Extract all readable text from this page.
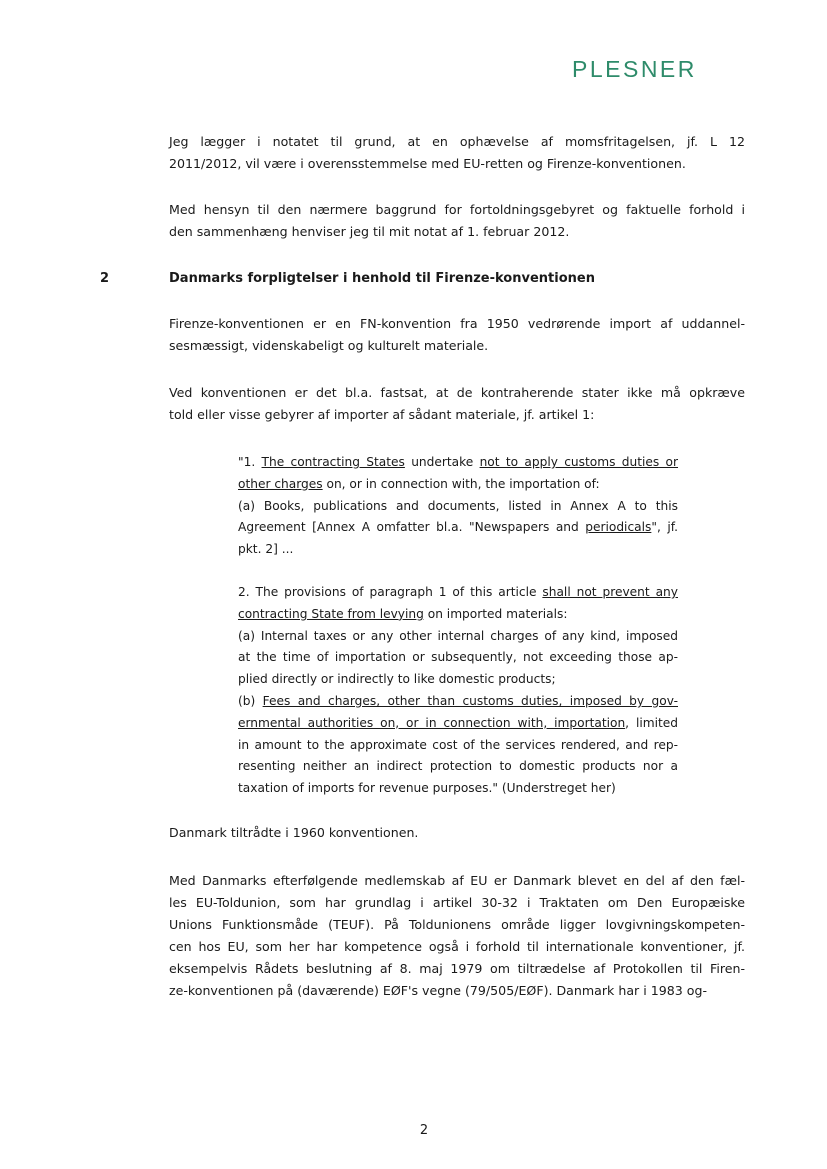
PLESNER
Jeg lægger i notatet til grund, at en ophævelse af momsfritagelsen, jf. L 12
2011/2012, vil være i overensstemmelse med EU-retten og Firenze-konventionen.
Med hensyn til den nærmere baggrund for fortoldningsgebyret og faktuelle forhold i
den sammenhæng henviser jeg til mit notat af 1. februar 2012.
2	Danmarks forpligtelser i henhold til Firenze-konventionen
Firenze-konventionen er en FN-konvention fra 1950 vedrørende import af uddannel-
sesmæssigt, videnskabeligt og kulturelt materiale.
Ved konventionen er det bl.a. fastsat, at de kontraherende stater ikke må opkræve
told eller visse gebyrer af importer af sådant materiale, jf. artikel 1:
"1. The contracting States undertake not to apply customs duties or
other charges on, or in connection with, the importation of:
(a) Books, publications and documents, listed in Annex A to this
Agreement [Annex A omfatter bl.a. "Newspapers and periodicals", jf.
pkt. 2] ...
2. The provisions of paragraph 1 of this article shall not prevent any
contracting State from levying on imported materials:
(a) Internal taxes or any other internal charges of any kind, imposed
at the time of importation or subsequently, not exceeding those ap-
plied directly or indirectly to like domestic products;
(b) Fees and charges, other than customs duties, imposed by gov-
ernmental authorities on, or in connection with, importation, limited
in amount to the approximate cost of the services rendered, and rep-
resenting neither an indirect protection to domestic products nor a
taxation of imports for revenue purposes." (Understreget her)
Danmark tiltrådte i 1960 konventionen.
Med Danmarks efterfølgende medlemskab af EU er Danmark blevet en del af den fæl-
les EU-Toldunion, som har grundlag i artikel 30-32 i Traktaten om Den Europæiske
Unions Funktionsmåde (TEUF). På Toldunionens område ligger lovgivningskompeten-
cen hos EU, som her har kompetence også i forhold til internationale konventioner, jf.
eksempelvis Rådets beslutning af 8. maj 1979 om tiltrædelse af Protokollen til Firen-
ze-konventionen på (daværende) EØF's vegne (79/505/EØF). Danmark har i 1983 og-
2
